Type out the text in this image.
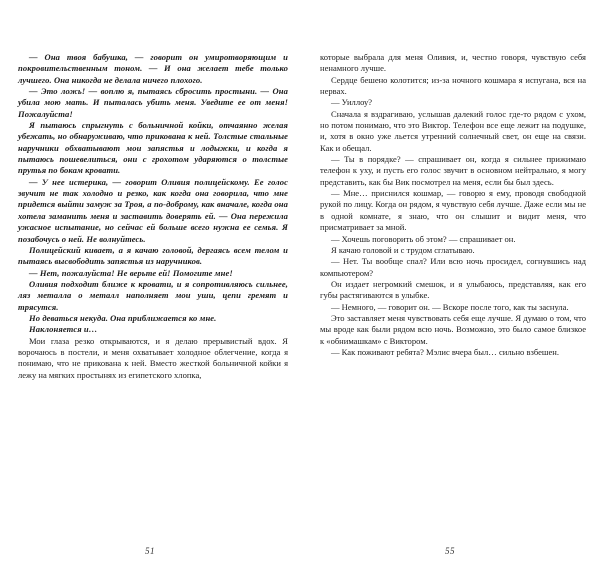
— Она твоя бабушка, — говорит он умиротворяющим и покровительственным тоном. — И она желает тебе только лучшего. Она никогда не делала ничего плохого.

— Это ложь! — воплю я, пытаясь сбросить простыни. — Она убила мою мать. И пыталась убить меня. Уведите ее от меня! Пожалуйста!

Я пытаюсь спрыгнуть с больничной койки, отчаянно желая убежать, но обнаруживаю, что прикована к ней. Толстые стальные наручники обхватывают мои запястья и лодыжки, и когда я пытаюсь пошевелиться, они с грохотом ударяются о толстые прутья по бокам кровати.

— У нее истерика, — говорит Оливия полицейскому. Ее голос звучит не так холодно и резко, как когда она говорила, что мне придется выйти замуж за Троя, а по-доброму, как вначале, когда она хотела заманить меня и заставить доверять ей. — Она пережила ужасное испытание, но сейчас ей больше всего нужна ее семья. Я позабочусь о ней. Не волнуйтесь.

Полицейский кивает, а я качаю головой, дергаясь всем телом и пытаясь высвободить запястья из наручников.

— Нет, пожалуйста! Не верьте ей! Помогите мне!

Оливия подходит ближе к кровати, и я сопротивляюсь сильнее, ляз металла о металл наполняет мои уши, цепи гремят и трясутся.

Но деваться некуда. Она приближается ко мне.

Наклоняется и…

Мои глаза резко открываются, и я делаю прерывистый вдох. Я ворочаюсь в постели, и меня охватывает холодное облегчение, когда я понимаю, что не прикована к ней. Вместо жесткой больничной койки я лежу на мягких простынях из египетского хлопка,

51

которые выбрала для меня Оливия, и, честно говоря, чувствую себя ненамного лучше.

Сердце бешено колотится; из-за ночного кошмара я испугана, вся на нервах.

— Уиллоу?

Сначала я вздрагиваю, услышав далекий голос где-то рядом с ухом, но потом понимаю, что это Виктор. Телефон все еще лежит на подушке, и, хотя в окно уже льется утренний солнечный свет, он еще на связи. Как и обещал.

— Ты в порядке? — спрашивает он, когда я сильнее прижимаю телефон к уху, и пусть его голос звучит в основном нейтрально, я могу представить, как бы Вик посмотрел на меня, если бы был здесь.

— Мне… приснился кошмар, — говорю я ему, проводя свободной рукой по лицу. Когда он рядом, я чувствую себя лучше. Даже если мы не в одной комнате, я знаю, что он слышит и видит меня, что присматривает за мной.

— Хочешь поговорить об этом? — спрашивает он.

Я качаю головой и с трудом сглатываю.

— Нет. Ты вообще спал? Или всю ночь просидел, согнувшись над компьютером?

Он издает негромкий смешок, и я улыбаюсь, представляя, как его губы растягиваются в улыбке.

— Немного, — говорит он. — Вскоре после того, как ты заснула.

Это заставляет меня чувствовать себя еще лучше. Я думаю о том, что мы вроде как были рядом всю ночь. Возможно, это было самое близкое к «обнимашкам» с Виктором.

— Как поживают ребята? Мэлис вчера был… сильно взбешен.

55
